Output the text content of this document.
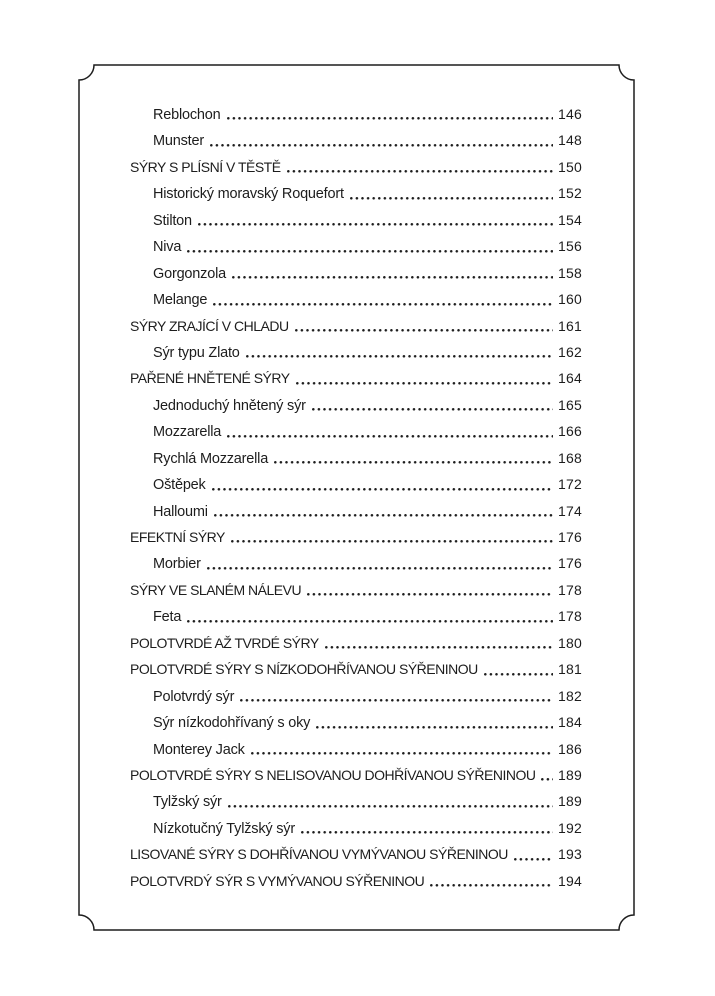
Reblochon	146
Munster	148
SÝRY S PLÍSNÍ V TĚSTĚ	150
Historický moravský Roquefort	152
Stilton	154
Niva	156
Gorgonzola	158
Melange	160
SÝRY ZRAJÍCÍ V CHLADU	161
Sýr typu Zlato	162
PAŘENÉ HNĚTENÉ SÝRY	164
Jednoduchý hnětený sýr	165
Mozzarella	166
Rychlá Mozzarella	168
Oštěpek	172
Halloumi	174
EFEKTNÍ SÝRY	176
Morbier	176
SÝRY VE SLANÉM NÁLEVU	178
Feta	178
POLOTVRDÉ AŽ TVRDÉ SÝRY	180
POLOTVRDÉ SÝRY S NÍZKODOHŘÍVANOU SÝŘENINOU	181
Polotvrdý sýr	182
Sýr nízkodohřívaný s oky	184
Monterey Jack	186
POLOTVRDÉ SÝRY S NELISOVANOU DOHŘÍVANOU SÝŘENINOU 189
Tylžský sýr	189
Nízkotučný Tylžský sýr	192
LISOVANÉ SÝRY S DOHŘÍVANOU VYMÝVANOU SÝŘENINOU	193
POLOTVRDÝ SÝR S VYMÝVANOU SÝŘENINOU	194
